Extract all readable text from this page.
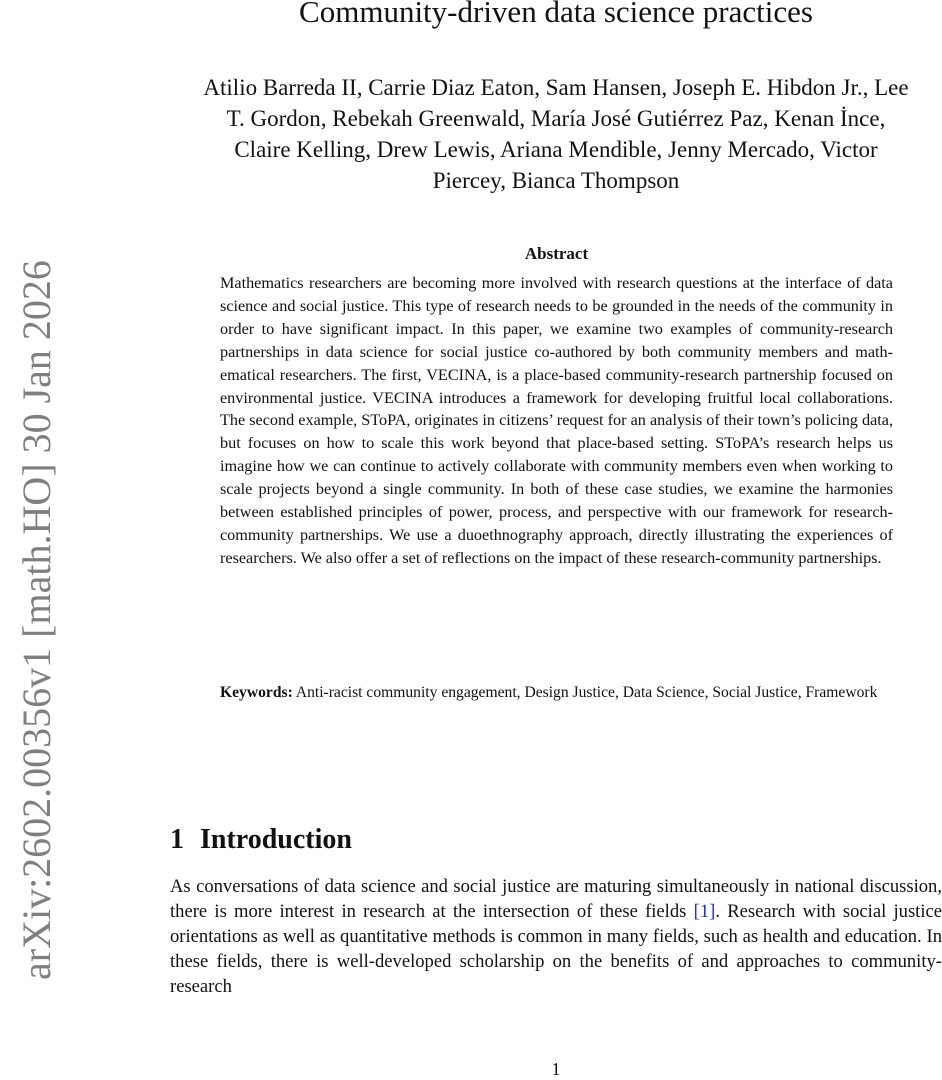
arXiv:2602.00356v1 [math.HO] 30 Jan 2026
Community-driven data science practices

Atilio Barreda II, Carrie Diaz Eaton, Sam Hansen, Joseph E. Hibdon Jr., Lee T. Gordon, Rebekah Greenwald, María José Gutiérrez Paz, Kenan İnce, Claire Kelling, Drew Lewis, Ariana Mendible, Jenny Mercado, Victor Piercey, Bianca Thompson

Abstract

Mathematics researchers are becoming more involved with research questions at the interface of data science and social justice. This type of research needs to be grounded in the needs of the community in order to have significant impact. In this paper, we examine two examples of community-research partnerships in data science for social justice co-authored by both community members and mathematical researchers. The first, VECINA, is a place-based community-research partnership focused on environmental justice. VECINA introduces a framework for developing fruitful local collaborations. The second example, SToPA, originates in citizens’ request for an analysis of their town’s policing data, but focuses on how to scale this work beyond that place-based setting. SToPA’s research helps us imagine how we can continue to actively collaborate with community members even when working to scale projects beyond a single community. In both of these case studies, we examine the harmonies between established principles of power, process, and perspective with our framework for research-community partnerships. We use a duoethnography approach, directly illustrating the experiences of researchers. We also offer a set of reflections on the impact of these research-community partnerships.

Keywords: Anti-racist community engagement, Design Justice, Data Science, Social Justice, Framework

1 Introduction

As conversations of data science and social justice are maturing simultaneously in national discussion, there is more interest in research at the intersection of these fields [1]. Research with social justice orientations as well as quantitative methods is common in many fields, such as health and education. In these fields, there is well-developed scholarship on the benefits of and approaches to community-research

1
